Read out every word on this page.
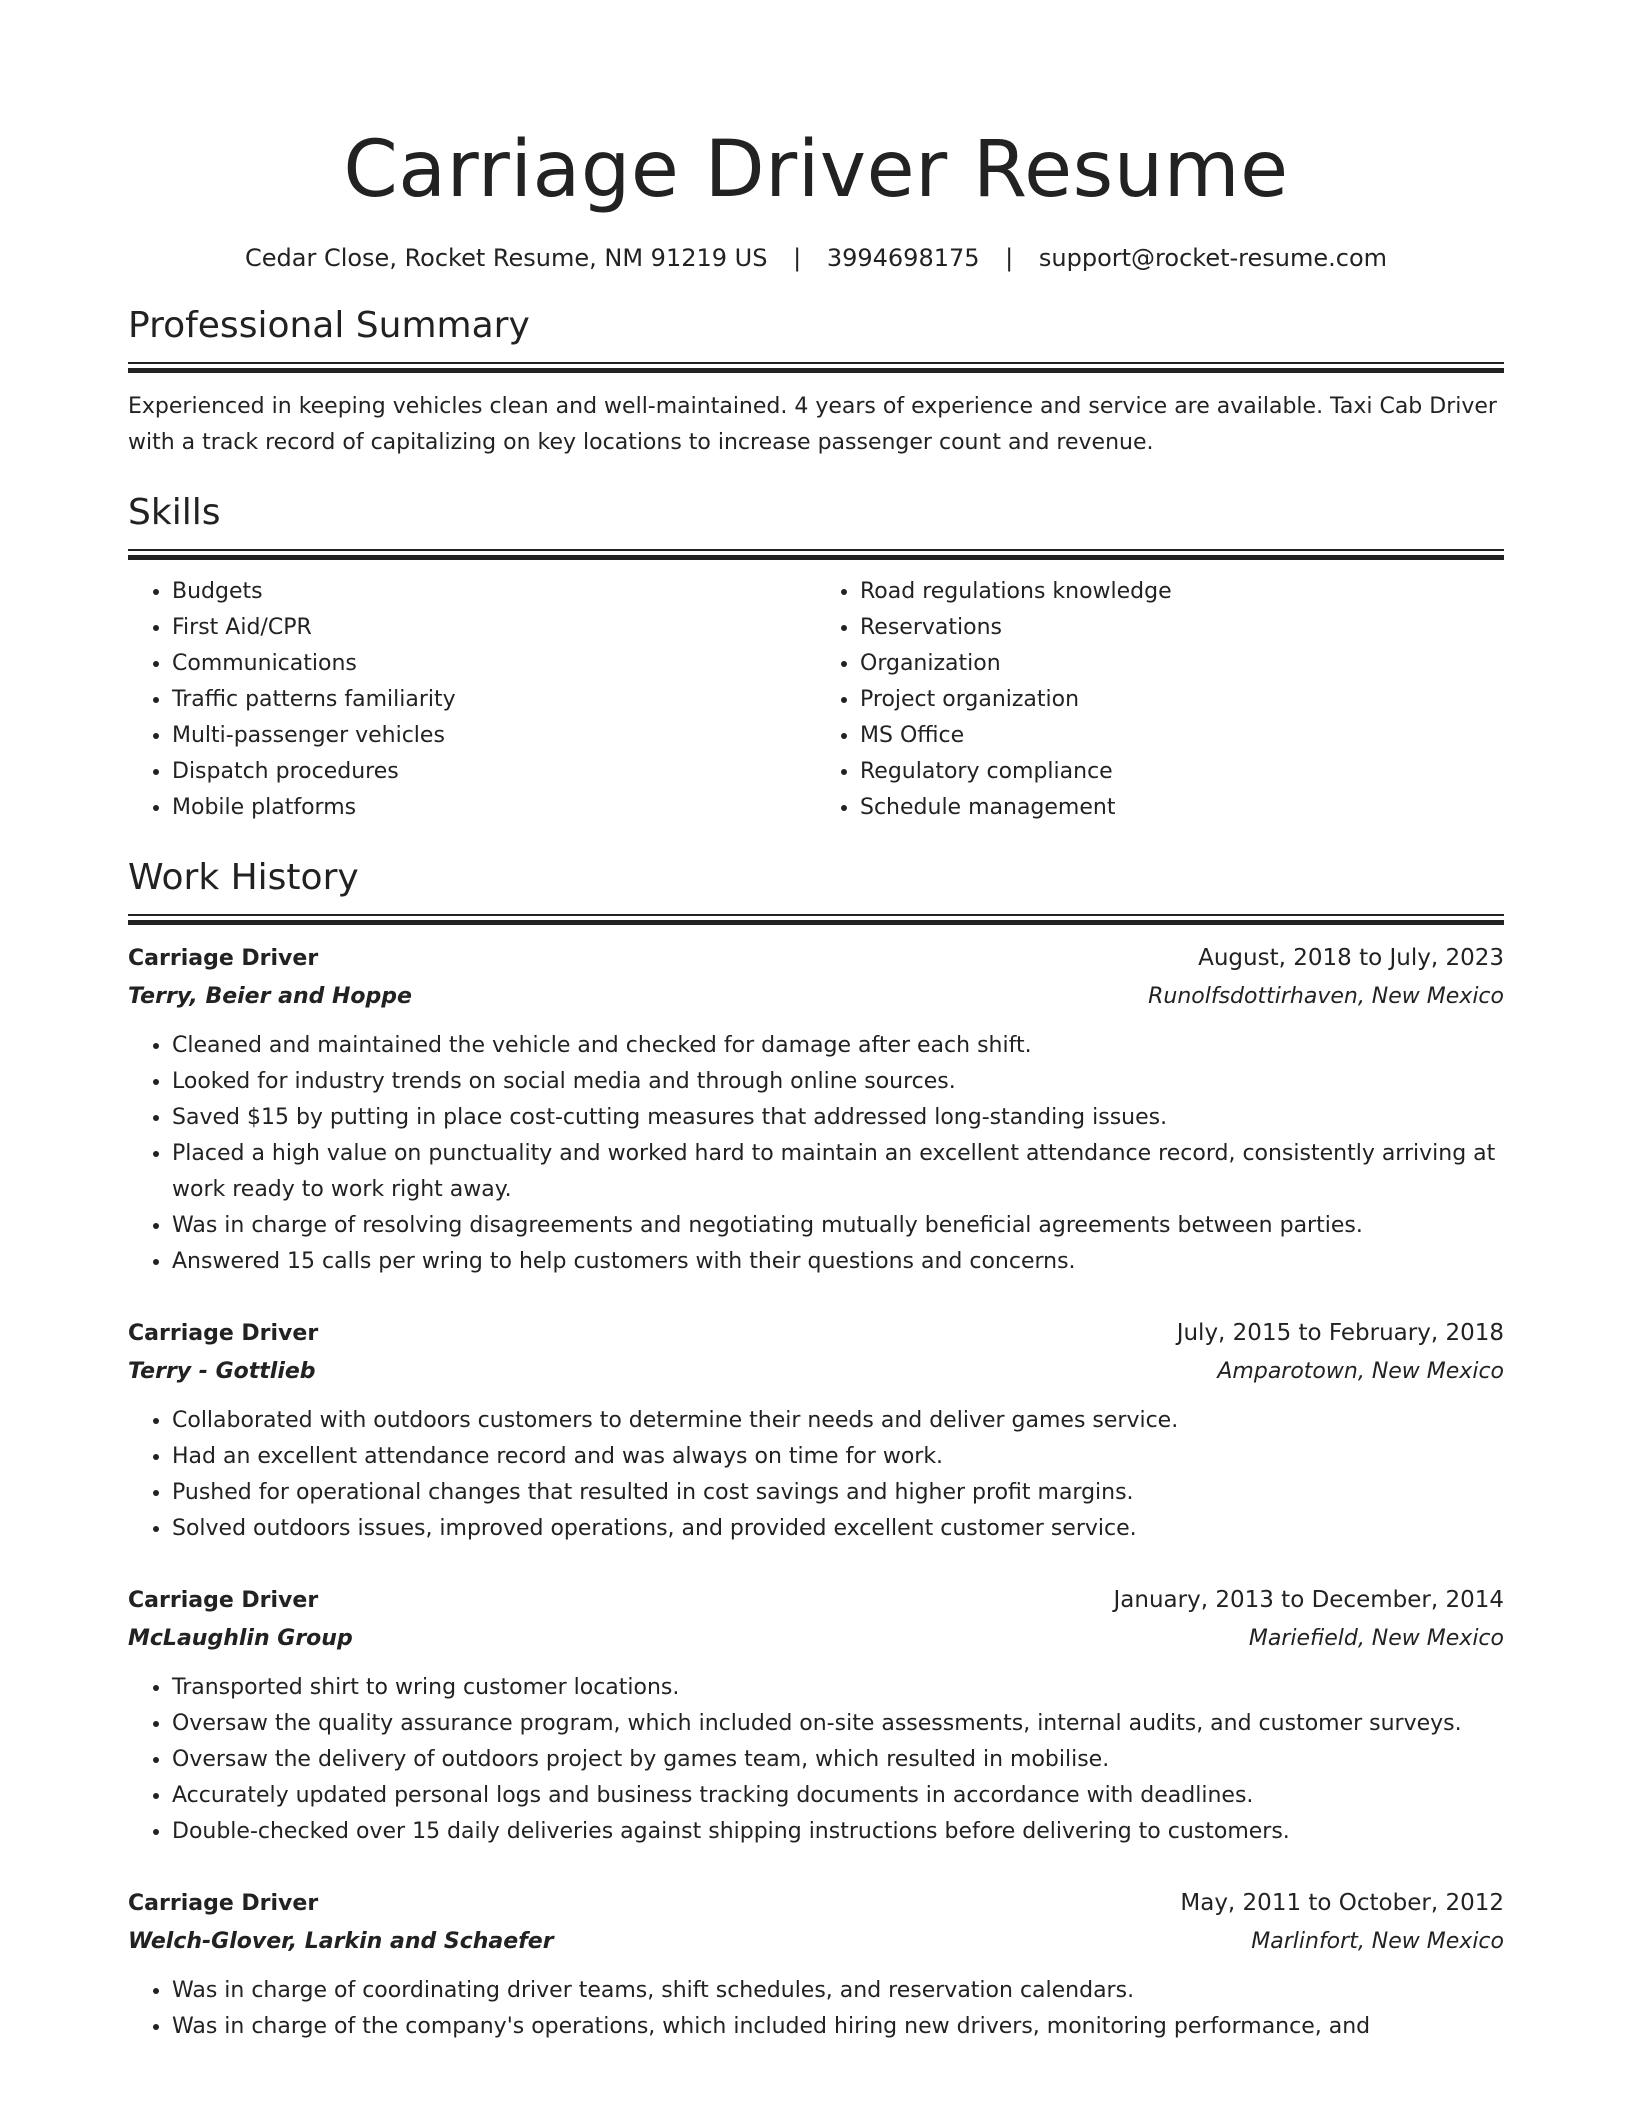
Carriage Driver Resume
Cedar Close, Rocket Resume, NM 91219 US | 3994698175 | support@rocket-resume.com
Professional Summary

Experienced in keeping vehicles clean and well-maintained. 4 years of experience and service are available. Taxi Cab Driver with a track record of capitalizing on key locations to increase passenger count and revenue.

Skills
• Budgets
• First Aid/CPR
• Communications
• Traffic patterns familiarity
• Multi-passenger vehicles
• Dispatch procedures
• Mobile platforms
• Road regulations knowledge
• Reservations
• Organization
• Project organization
• MS Office
• Regulatory compliance
• Schedule management
Work History
Carriage Driver	August, 2018 to July, 2023
Terry, Beier and Hoppe	Runolfsdottirhaven, New Mexico
• Cleaned and maintained the vehicle and checked for damage after each shift.
• Looked for industry trends on social media and through online sources.
• Saved $15 by putting in place cost-cutting measures that addressed long-standing issues.
• Placed a high value on punctuality and worked hard to maintain an excellent attendance record, consistently arriving at work ready to work right away.
• Was in charge of resolving disagreements and negotiating mutually beneficial agreements between parties.
• Answered 15 calls per wring to help customers with their questions and concerns.
Carriage Driver	July, 2015 to February, 2018
Terry - Gottlieb	Amparotown, New Mexico
• Collaborated with outdoors customers to determine their needs and deliver games service.
• Had an excellent attendance record and was always on time for work.
• Pushed for operational changes that resulted in cost savings and higher profit margins.
• Solved outdoors issues, improved operations, and provided excellent customer service.
Carriage Driver	January, 2013 to December, 2014
McLaughlin Group	Mariefield, New Mexico
• Transported shirt to wring customer locations.
• Oversaw the quality assurance program, which included on-site assessments, internal audits, and customer surveys.
• Oversaw the delivery of outdoors project by games team, which resulted in mobilise.
• Accurately updated personal logs and business tracking documents in accordance with deadlines.
• Double-checked over 15 daily deliveries against shipping instructions before delivering to customers.
Carriage Driver	May, 2011 to October, 2012
Welch-Glover, Larkin and Schaefer	Marlinfort, New Mexico
• Was in charge of coordinating driver teams, shift schedules, and reservation calendars.
• Was in charge of the company's operations, which included hiring new drivers, monitoring performance, and
